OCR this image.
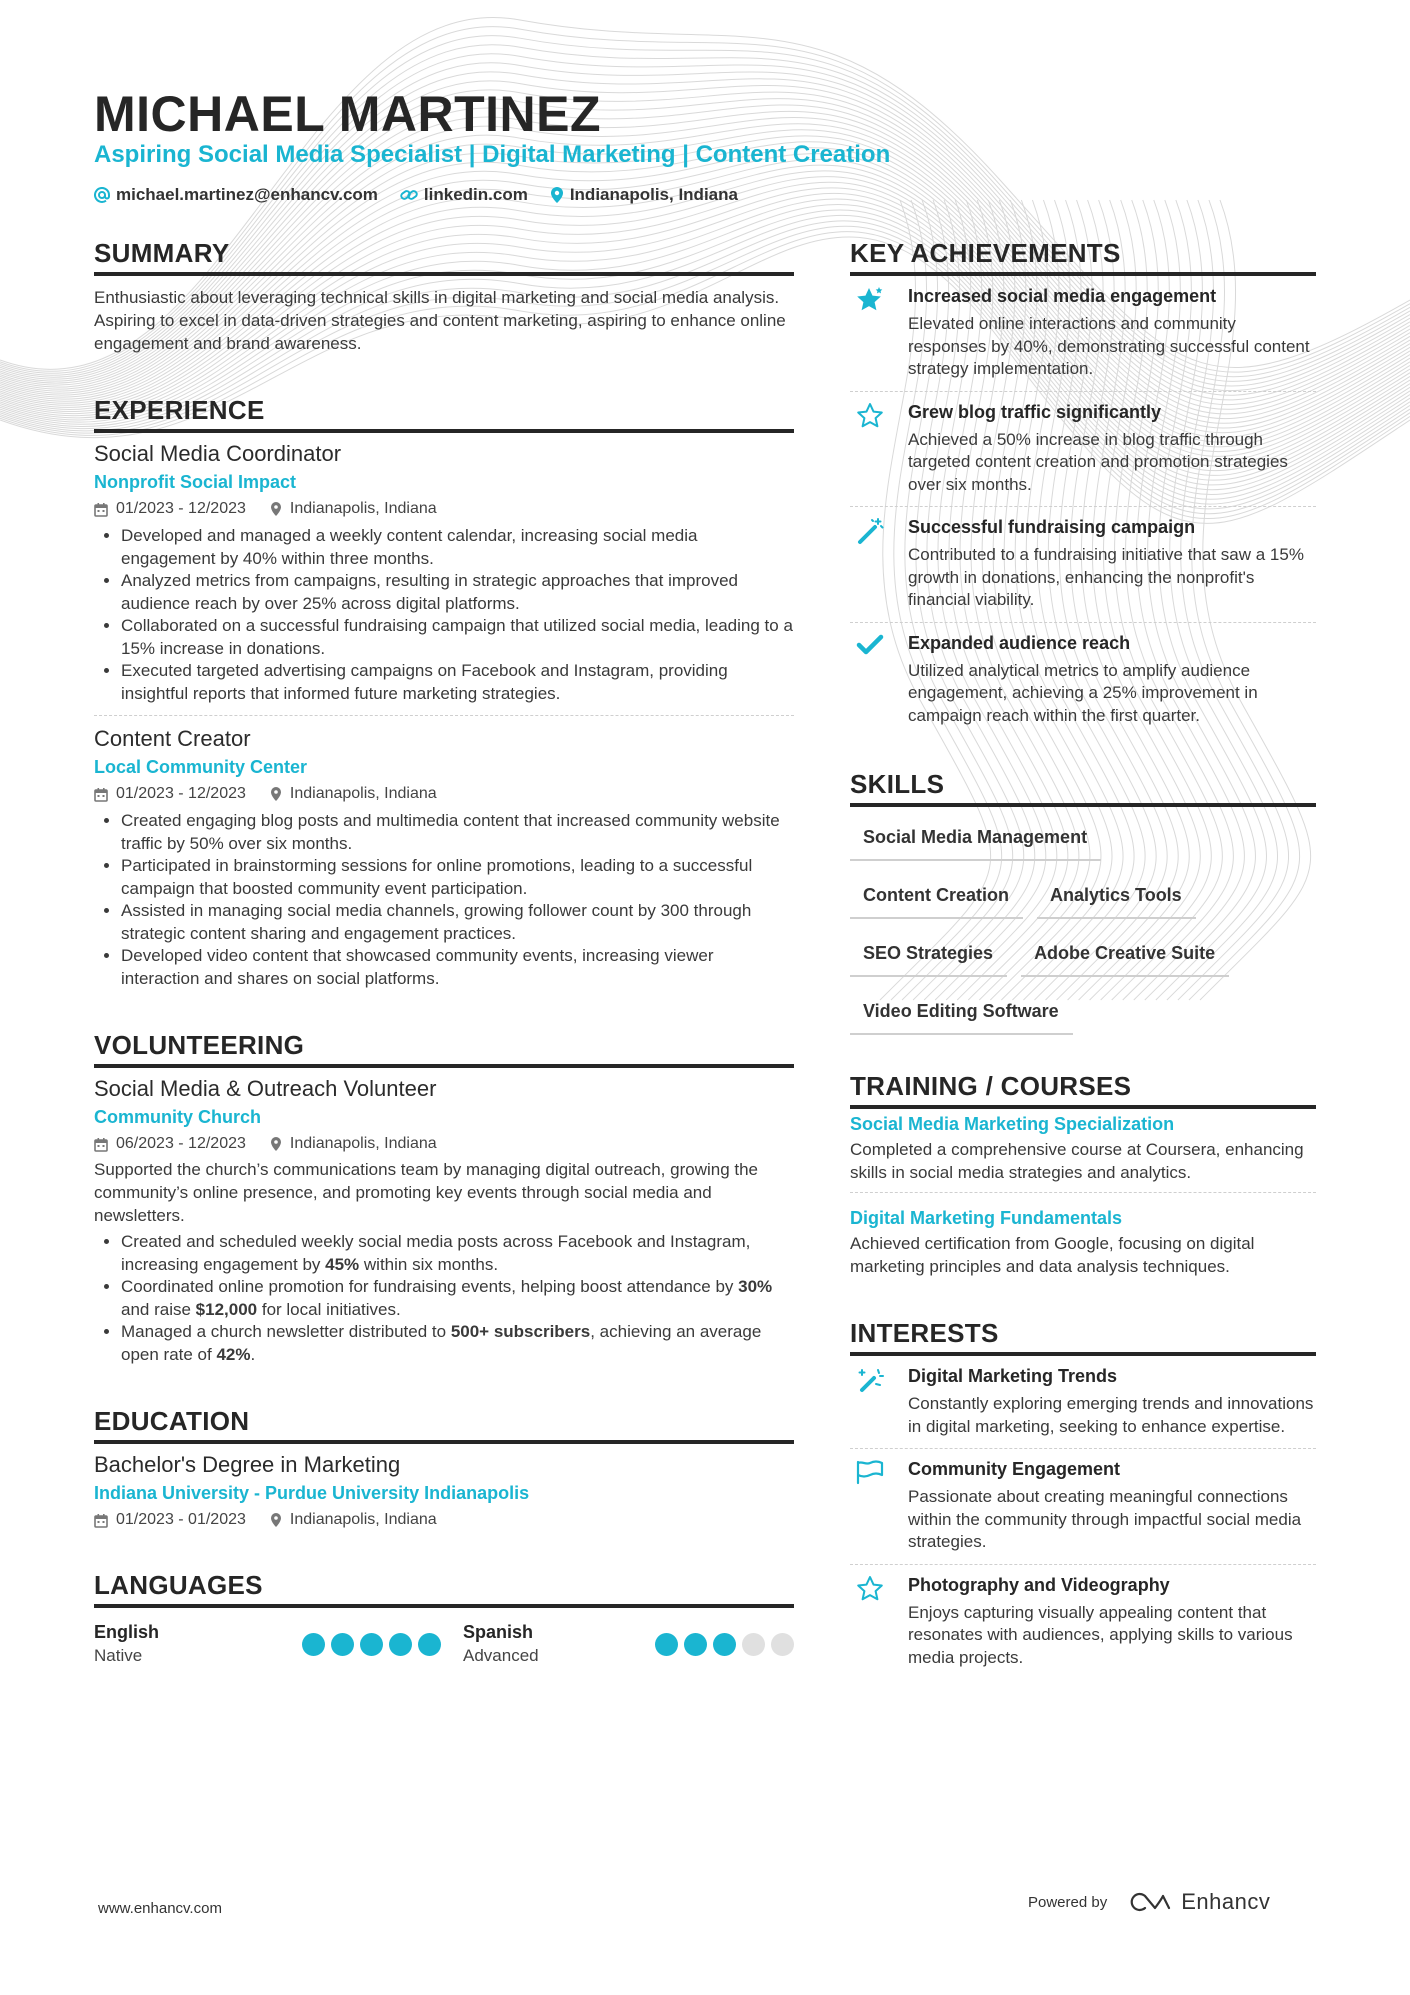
MICHAEL MARTINEZ
Aspiring Social Media Specialist | Digital Marketing | Content Creation
michael.martinez@enhancv.com	linkedin.com Indianapolis, Indiana
SUMMARY

Enthusiastic about leveraging technical skills in digital marketing and social media analysis. Aspiring to excel in data-driven strategies and content marketing, aspiring to enhance online engagement and brand awareness.

EXPERIENCE
Social Media Coordinator
Nonprofit Social Impact
01/2023 - 12/2023	Indianapolis, Indiana
• Developed and managed a weekly content calendar, increasing social media engagement by 40% within three months.
• Analyzed metrics from campaigns, resulting in strategic approaches that improved audience reach by over 25% across digital platforms.
• Collaborated on a successful fundraising campaign that utilized social media, leading to a 15% increase in donations.
• Executed targeted advertising campaigns on Facebook and Instagram, providing insightful reports that informed future marketing strategies.
Content Creator
Local Community Center
01/2023 - 12/2023	Indianapolis, Indiana
• Created engaging blog posts and multimedia content that increased community website traffic by 50% over six months.
• Participated in brainstorming sessions for online promotions, leading to a successful campaign that boosted community event participation.
• Assisted in managing social media channels, growing follower count by 300 through strategic content sharing and engagement practices.
• Developed video content that showcased community events, increasing viewer interaction and shares on social platforms.
VOLUNTEERING
Social Media & Outreach Volunteer
Community Church
06/2023 - 12/2023	Indianapolis, Indiana

Supported the church’s communications team by managing digital outreach, growing the community’s online presence, and promoting key events through social media and newsletters.

• Created and scheduled weekly social media posts across Facebook and Instagram, increasing engagement by 45% within six months.
• Coordinated online promotion for fundraising events, helping boost attendance by 30% and raise $12,000 for local initiatives.
• Managed a church newsletter distributed to 500+ subscribers, achieving an average open rate of 42%.
EDUCATION
Bachelor's Degree in Marketing
Indiana University - Purdue University Indianapolis
01/2023 - 01/2023	Indianapolis, Indiana
LANGUAGES
English
Native
Spanish
Advanced
KEY ACHIEVEMENTS
Increased social media engagement
Elevated online interactions and community responses by 40%, demonstrating successful content strategy implementation.
Grew blog traffic significantly
Achieved a 50% increase in blog traffic through targeted content creation and promotion strategies over six months.
Successful fundraising campaign
Contributed to a fundraising initiative that saw a 15% growth in donations, enhancing the nonprofit's financial viability.
Expanded audience reach
Utilized analytical metrics to amplify audience engagement, achieving a 25% improvement in campaign reach within the first quarter.
SKILLS
Social Media Management
Content Creation	Analytics Tools
SEO Strategies	Adobe Creative Suite
Video Editing Software
TRAINING / COURSES
Social Media Marketing Specialization
Completed a comprehensive course at Coursera, enhancing skills in social media strategies and analytics.
Digital Marketing Fundamentals
Achieved certification from Google, focusing on digital marketing principles and data analysis techniques.
INTERESTS
Digital Marketing Trends
Constantly exploring emerging trends and innovations in digital marketing, seeking to enhance expertise.
Community Engagement
Passionate about creating meaningful connections within the community through impactful social media strategies.
Photography and Videography
Enjoys capturing visually appealing content that resonates with audiences, applying skills to various media projects.
www.enhancv.com	Powered by	Enhancv
